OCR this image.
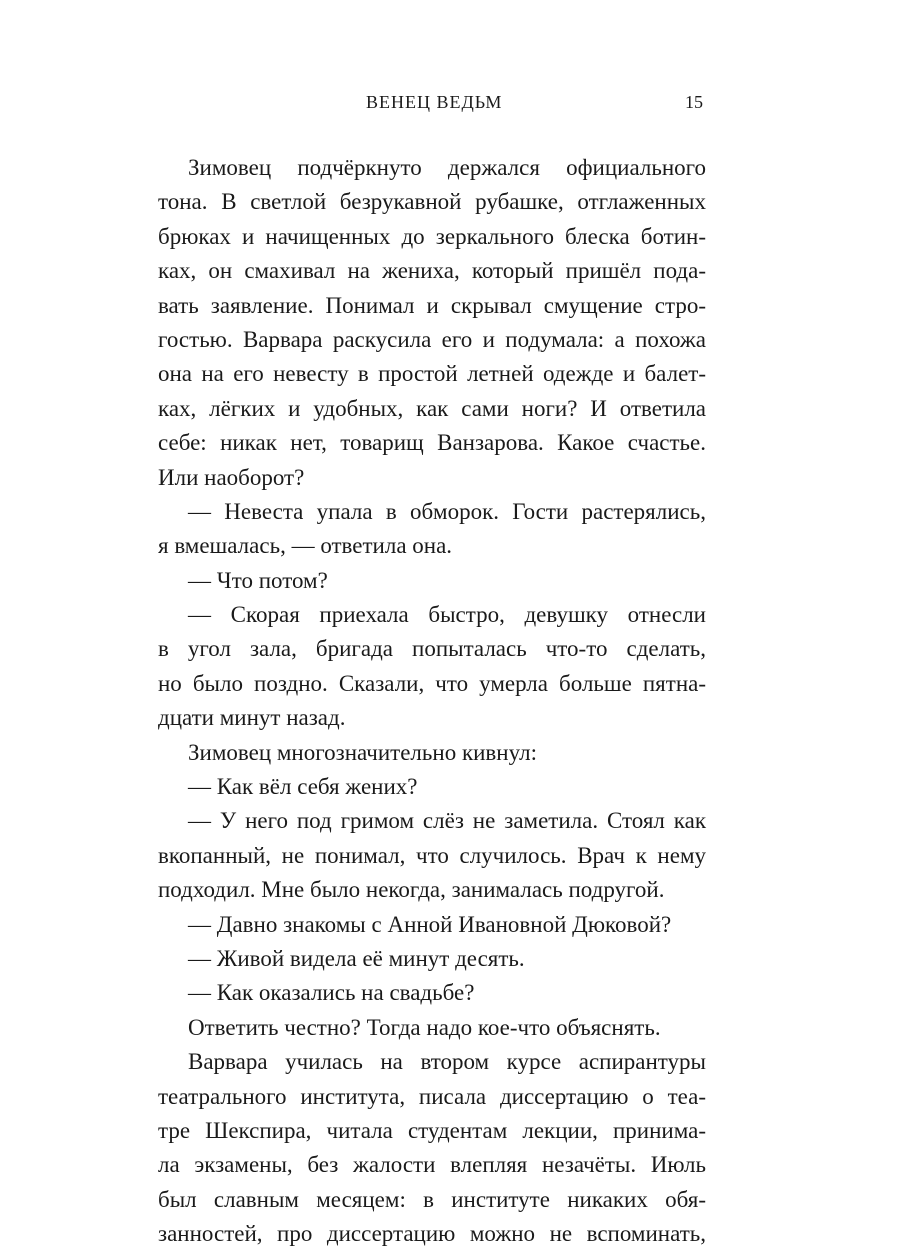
ВЕНЕЦ ВЕДЬМ	15
Зимовец подчёркнуто держался официального
тона. В светлой безрукавной рубашке, отглаженных
брюках и начищенных до зеркального блеска ботин-
ках, он смахивал на жениха, который пришёл пода-
вать заявление. Понимал и скрывал смущение стро-
гостью. Варвара раскусила его и подумала: а похожа
она на его невесту в простой летней одежде и балет-
ках, лёгких и удобных, как сами ноги? И ответила
себе: никак нет, товарищ Ванзарова. Какое счастье.
Или наоборот?
— Невеста упала в обморок. Гости растерялись,
я вмешалась, — ответила она.
— Что потом?
— Скорая приехала быстро, девушку отнесли
в угол зала, бригада попыталась что-то сделать,
но было поздно. Сказали, что умерла больше пятна-
дцати минут назад.
Зимовец многозначительно кивнул:
— Как вёл себя жених?
— У него под гримом слёз не заметила. Стоял как
вкопанный, не понимал, что случилось. Врач к нему
подходил. Мне было некогда, занималась подругой.
— Давно знакомы с Анной Ивановной Дюковой?
— Живой видела её минут десять.
— Как оказались на свадьбе?
Ответить честно? Тогда надо кое-что объяснять.
Варвара училась на втором курсе аспирантуры
театрального института, писала диссертацию о теа-
тре Шекспира, читала студентам лекции, принима-
ла экзамены, без жалости влепляя незачёты. Июль
был славным месяцем: в институте никаких обя-
занностей, про диссертацию можно не вспоминать,
